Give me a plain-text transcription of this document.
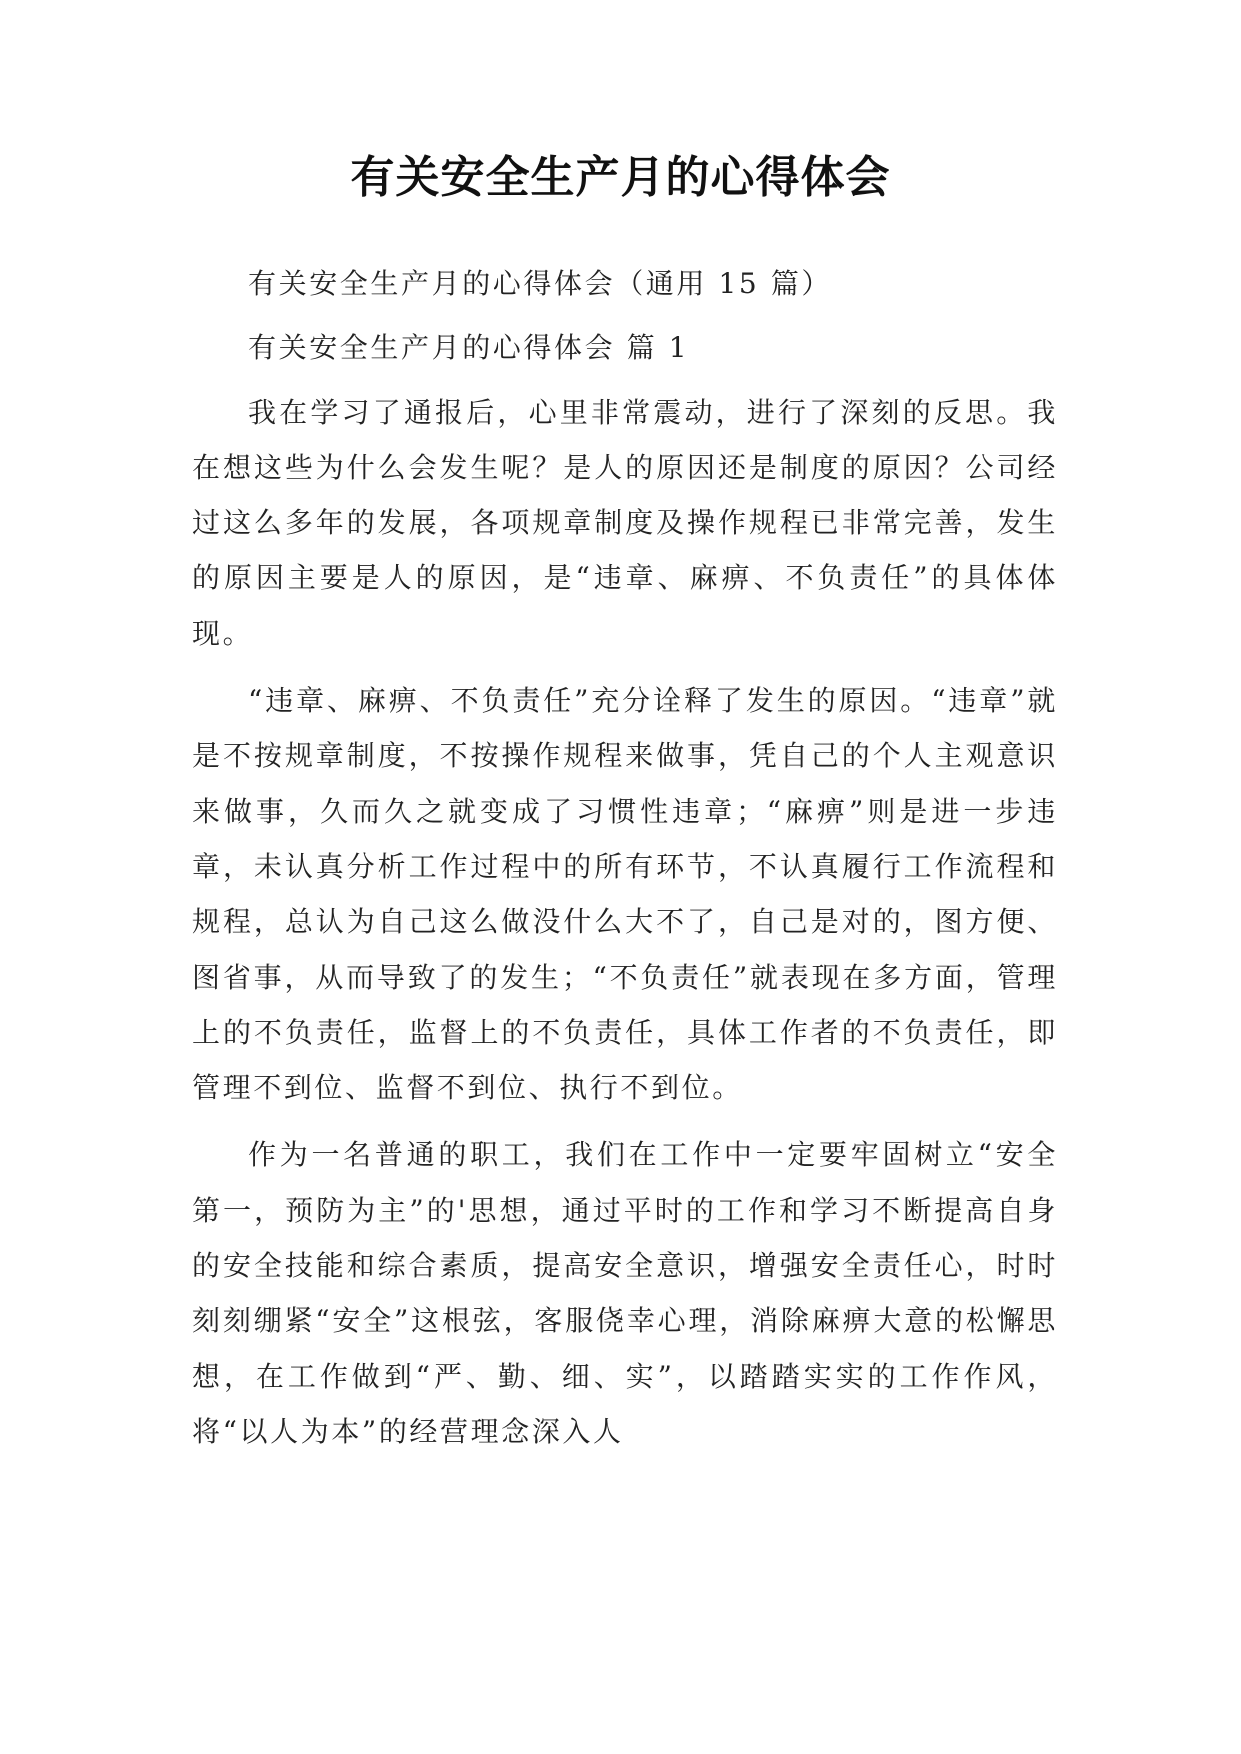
有关安全生产月的心得体会

有关安全生产月的心得体会（通用 15 篇）

有关安全生产月的心得体会 篇 1

我在学习了通报后，心里非常震动，进行了深刻的反思。我在想这些为什么会发生呢？是人的原因还是制度的原因？公司经过这么多年的发展，各项规章制度及操作规程已非常完善，发生的原因主要是人的原因，是“违章、麻痹、不负责任”的具体体现。

“违章、麻痹、不负责任”充分诠释了发生的原因。“违章”就是不按规章制度，不按操作规程来做事，凭自己的个人主观意识来做事，久而久之就变成了习惯性违章；“麻痹”则是进一步违章，未认真分析工作过程中的所有环节，不认真履行工作流程和规程，总认为自己这么做没什么大不了，自己是对的，图方便、图省事，从而导致了的发生；“不负责任”就表现在多方面，管理上的不负责任，监督上的不负责任，具体工作者的不负责任，即管理不到位、监督不到位、执行不到位。

作为一名普通的职工，我们在工作中一定要牢固树立“安全第一，预防为主”的'思想，通过平时的工作和学习不断提高自身的安全技能和综合素质，提高安全意识，增强安全责任心，时时刻刻绷紧“安全”这根弦，客服侥幸心理，消除麻痹大意的松懈思想，在工作做到“严、勤、细、实”，以踏踏实实的工作作风，将“以人为本”的经营理念深入人
